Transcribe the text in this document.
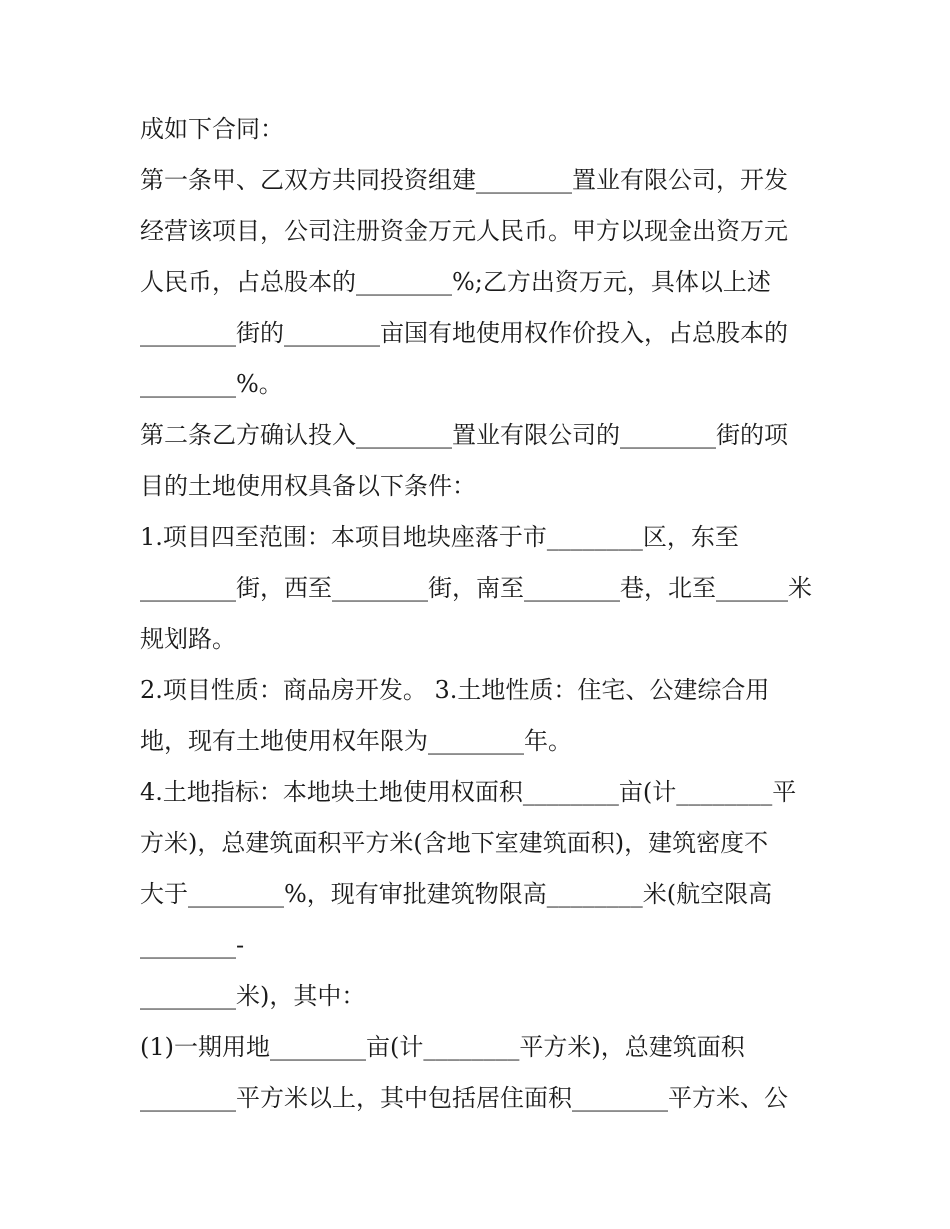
成如下合同：
第一条甲、乙双方共同投资组建________置业有限公司，开发
经营该项目，公司注册资金万元人民币。甲方以现金出资万元
人民币，占总股本的________%;乙方出资万元，具体以上述
________街的________亩国有地使用权作价投入，占总股本的
________%。
第二条乙方确认投入________置业有限公司的________街的项
目的土地使用权具备以下条件：
1.项目四至范围：本项目地块座落于市________区，东至
________街，西至________街，南至________巷，北至______米
规划路。
2.项目性质：商品房开发。 3.土地性质：住宅、公建综合用
地，现有土地使用权年限为________年。
4.土地指标：本地块土地使用权面积________亩(计________平
方米)，总建筑面积平方米(含地下室建筑面积)，建筑密度不
大于________%，现有审批建筑物限高________米(航空限高
________-
________米)，其中：
(1)一期用地________亩(计________平方米)，总建筑面积
________平方米以上，其中包括居住面积________平方米、公
